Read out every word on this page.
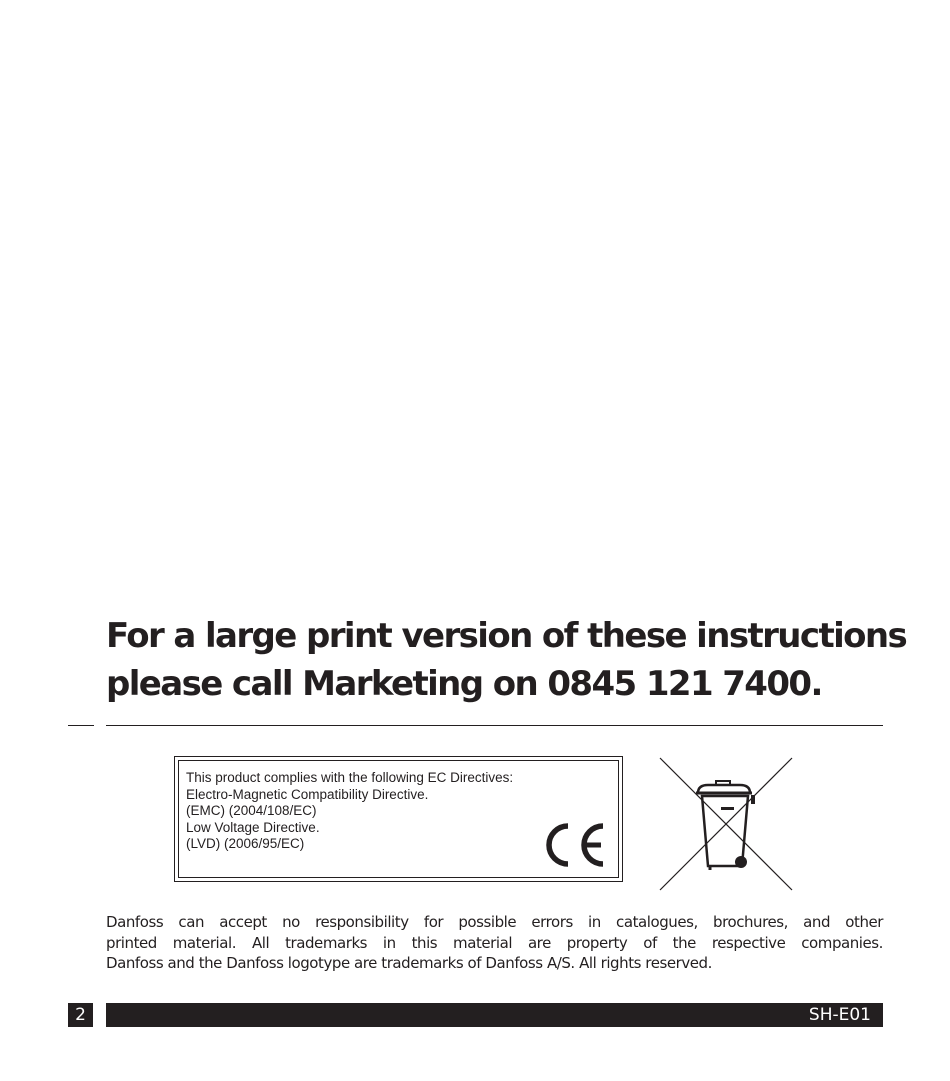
For a large print version of these instructions
please call Marketing on 0845 121 7400.
This product complies with the following EC Directives:
Electro-Magnetic Compatibility Directive.
(EMC) (2004/108/EC)
Low Voltage Directive.
(LVD) (2006/95/EC)
Danfoss can accept no responsibility for possible errors in catalogues, brochures, and other
printed material. All trademarks in this material are property of the respective companies.
Danfoss and the Danfoss logotype are trademarks of Danfoss A/S. All rights reserved.
2	SH-E01
